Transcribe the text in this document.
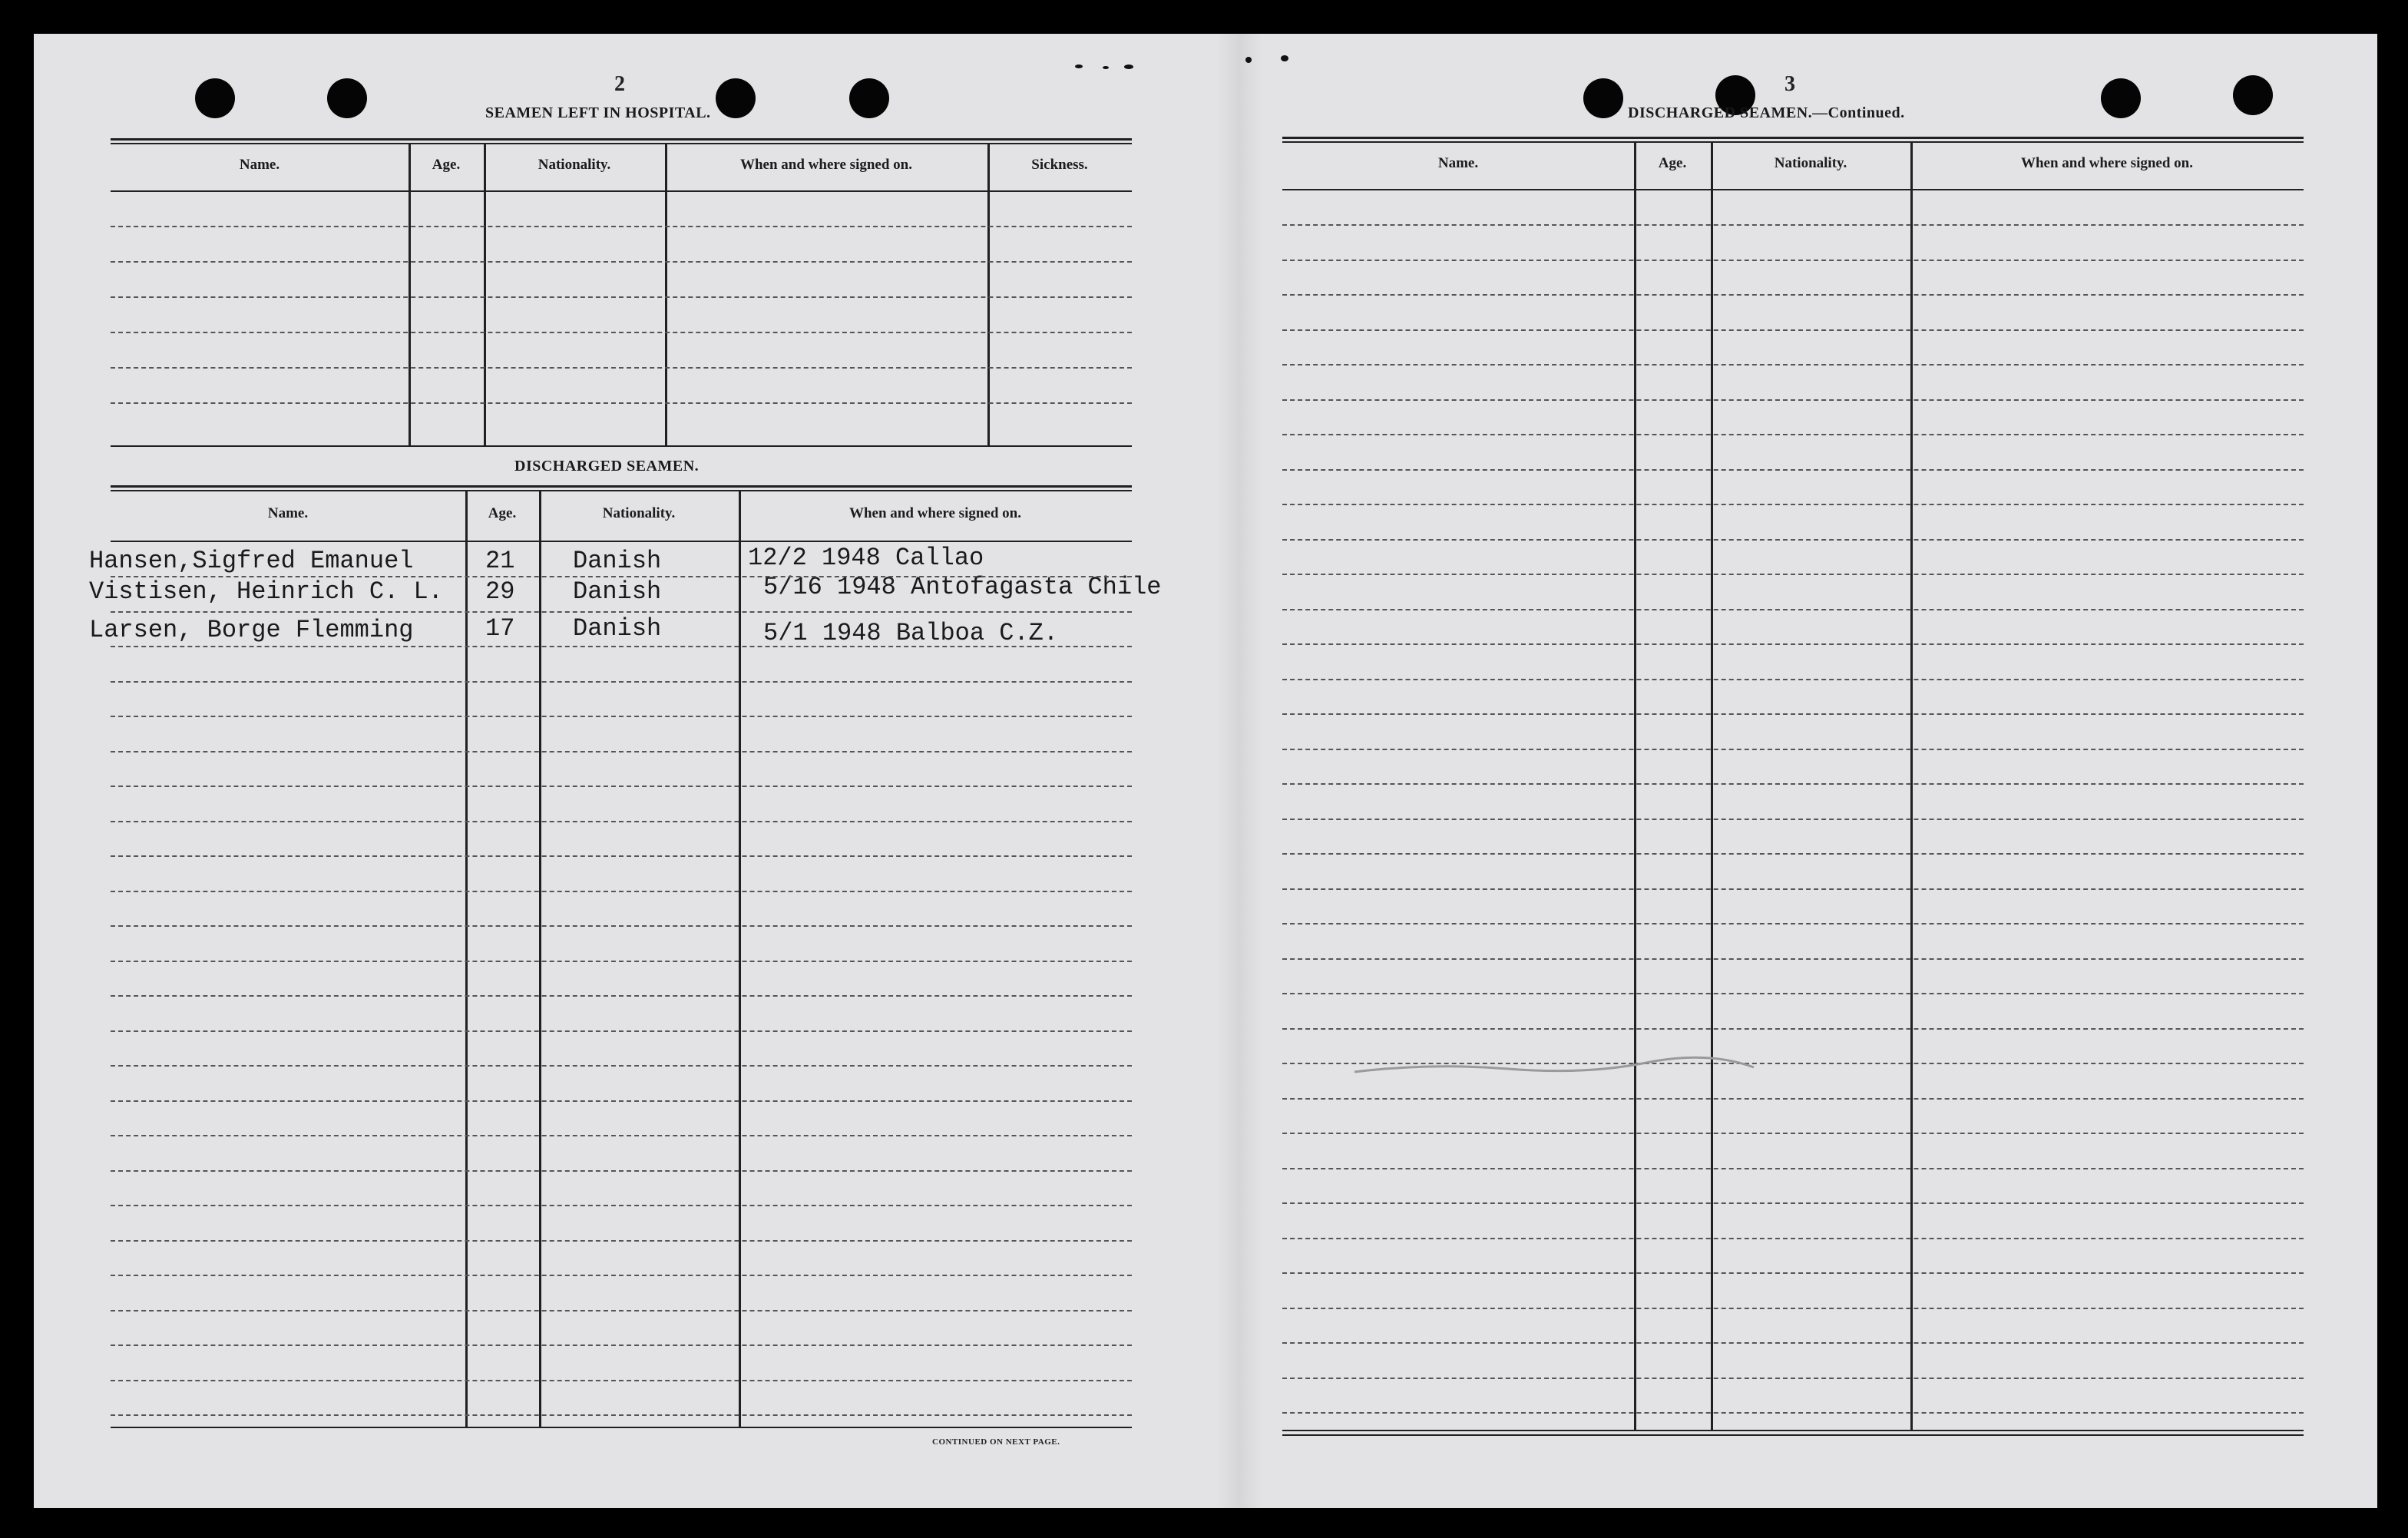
2
SEAMEN LEFT IN HOSPITAL.
Name.	Age.	Nationality.	When and where signed on.	Sickness.
DISCHARGED SEAMEN.
Name.	Age.	Nationality.	When and where signed on.
Hansen,Sigfred Emanuel	21 Danish	12/2 1948 Callao
Vistisen, Heinrich C. L. 29 Danish	5/16 1948 Antofagasta Chile
Larsen, Borge Flemming	17 Danish	5/1 1948 Balboa C.Z.
CONTINUED ON NEXT PAGE.
3
DISCHARGED SEAMEN.—Continued.
Name.	Age.	Nationality.	When and where signed on.
